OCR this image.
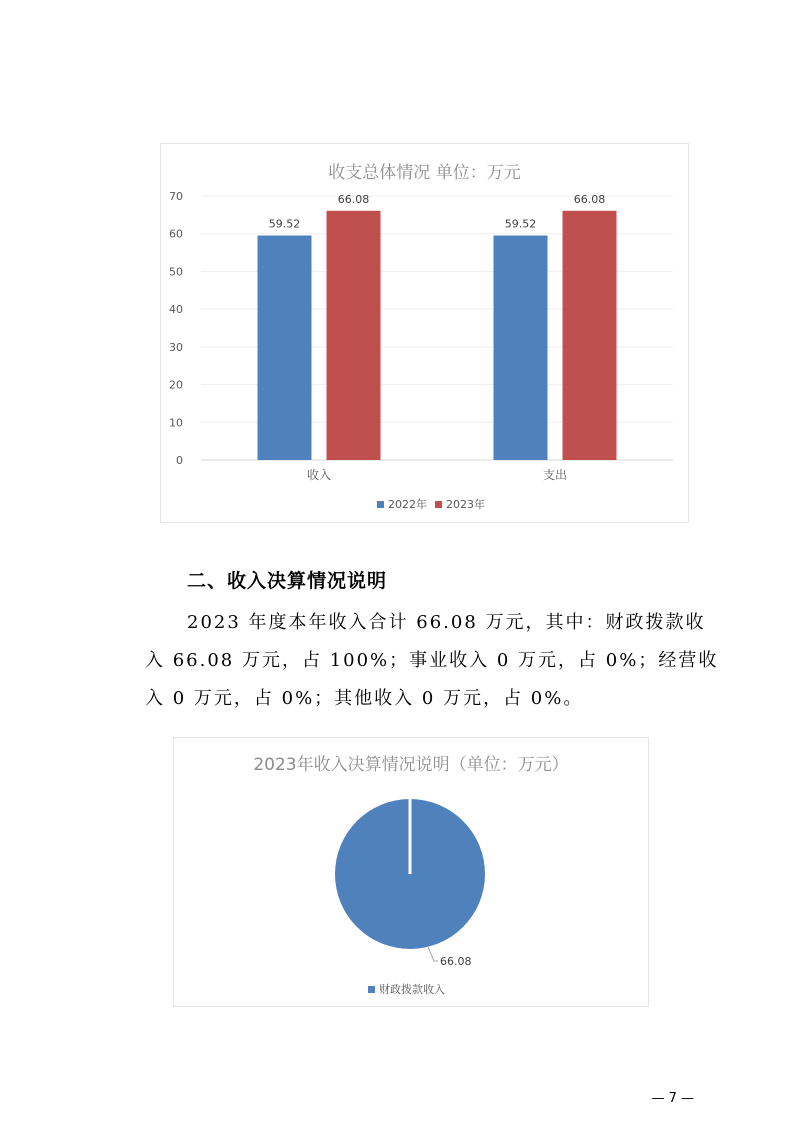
收支总体情况 单位：万元
0
10
20
30
40
50
60
70
59.52
66.08
收入
59.52
66.08
支出
2022年 2023年
二、收入决算情况说明
2023 年度本年收入合计 66.08 万元，其中：财政拨款收
入 66.08 万元，占 100%；事业收入 0 万元，占 0%；经营收
入 0 万元，占 0%；其他收入 0 万元，占 0%。
2023年收入决算情况说明（单位：万元）
66.08
财政拨款收入
— 7 —
